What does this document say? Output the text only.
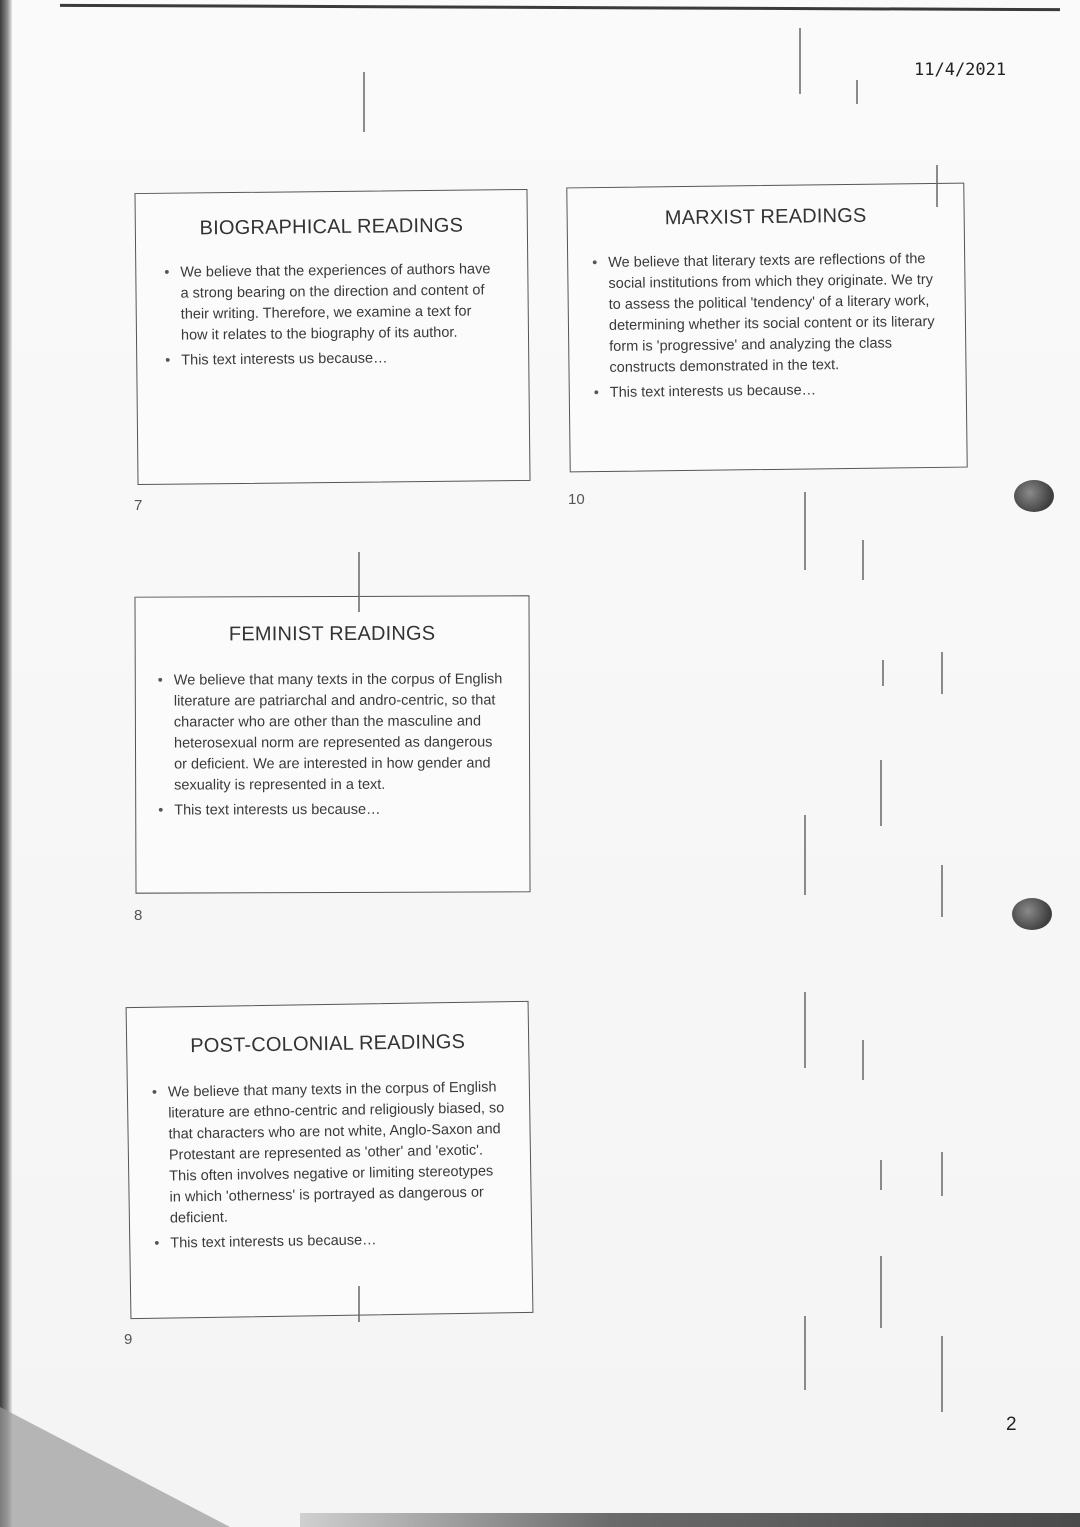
11/4/2021
BIOGRAPHICAL READINGS
• We believe that the experiences of authors have a strong bearing on the direction and content of their writing. Therefore, we examine a text for how it relates to the biography of its author.
• This text interests us because…
7
MARXIST READINGS
• We believe that literary texts are reflections of the social institutions from which they originate. We try to assess the political 'tendency' of a literary work, determining whether its social content or its literary form is 'progressive' and analyzing the class constructs demonstrated in the text.
• This text interests us because…
10
FEMINIST READINGS
• We believe that many texts in the corpus of English literature are patriarchal and andro-centric, so that character who are other than the masculine and heterosexual norm are represented as dangerous or deficient. We are interested in how gender and sexuality is represented in a text.
• This text interests us because…
8
POST-COLONIAL READINGS
• We believe that many texts in the corpus of English literature are ethno-centric and religiously biased, so that characters who are not white, Anglo-Saxon and Protestant are represented as 'other' and 'exotic'. This often involves negative or limiting stereotypes in which 'otherness' is portrayed as dangerous or deficient.
• This text interests us because…
9
2
